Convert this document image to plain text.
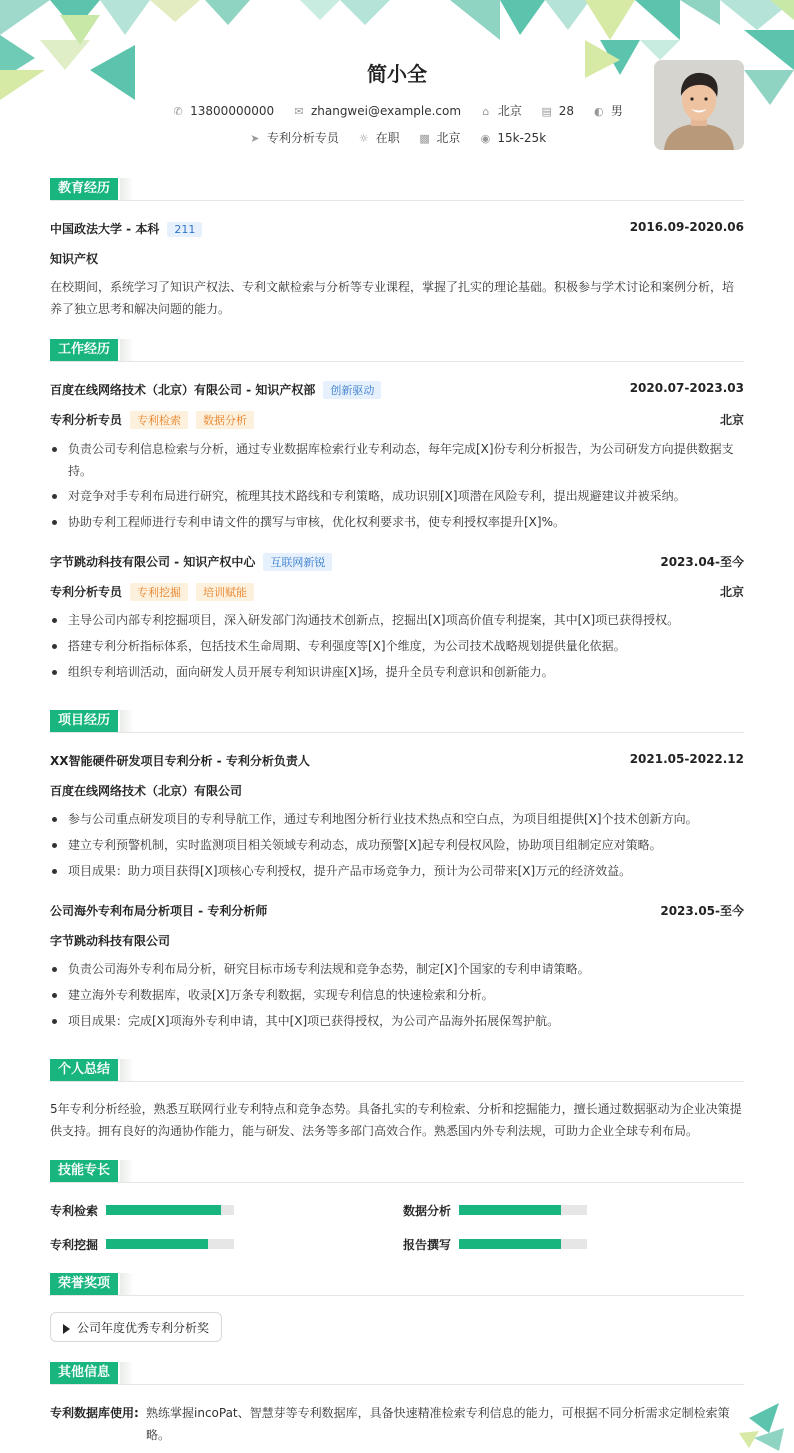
简小全
✆ 13800000000 ✉ zhangwei@example.com ⌂ 北京 ▤ 28 ◐ 男
➤ 专利分析专员 ☼ 在职 ▩ 北京 ◉ 15k-25k
教育经历
中国政法大学 - 本科 211	2016.09-2020.06
知识产权
在校期间，系统学习了知识产权法、专利文献检索与分析等专业课程，掌握了扎实的理论基础。积极参与学术讨论和案例分析，培
养了独立思考和解决问题的能力。
工作经历
百度在线网络技术（北京）有限公司 - 知识产权部 创新驱动	2020.07-2023.03
专利分析专员 专利检索 数据分析	北京
负责公司专利信息检索与分析，通过专业数据库检索行业专利动态，每年完成[X]份专利分析报告，为公司研发方向提供数据支
持。
对竞争对手专利布局进行研究，梳理其技术路线和专利策略，成功识别[X]项潜在风险专利，提出规避建议并被采纳。
协助专利工程师进行专利申请文件的撰写与审核，优化权利要求书，使专利授权率提升[X]%。
字节跳动科技有限公司 - 知识产权中心 互联网新锐	2023.04-至今
专利分析专员 专利挖掘 培训赋能	北京
主导公司内部专利挖掘项目，深入研发部门沟通技术创新点，挖掘出[X]项高价值专利提案，其中[X]项已获得授权。
搭建专利分析指标体系，包括技术生命周期、专利强度等[X]个维度，为公司技术战略规划提供量化依据。
组织专利培训活动，面向研发人员开展专利知识讲座[X]场，提升全员专利意识和创新能力。
项目经历
XX智能硬件研发项目专利分析 - 专利分析负责人	2021.05-2022.12
百度在线网络技术（北京）有限公司
参与公司重点研发项目的专利导航工作，通过专利地图分析行业技术热点和空白点，为项目组提供[X]个技术创新方向。
建立专利预警机制，实时监测项目相关领域专利动态，成功预警[X]起专利侵权风险，协助项目组制定应对策略。
项目成果：助力项目获得[X]项核心专利授权，提升产品市场竞争力，预计为公司带来[X]万元的经济效益。
公司海外专利布局分析项目 - 专利分析师	2023.05-至今
字节跳动科技有限公司
负责公司海外专利布局分析，研究目标市场专利法规和竞争态势，制定[X]个国家的专利申请策略。
建立海外专利数据库，收录[X]万条专利数据，实现专利信息的快速检索和分析。
项目成果：完成[X]项海外专利申请，其中[X]项已获得授权，为公司产品海外拓展保驾护航。
个人总结
5年专利分析经验，熟悉互联网行业专利特点和竞争态势。具备扎实的专利检索、分析和挖掘能力，擅长通过数据驱动为企业决策提
供支持。拥有良好的沟通协作能力，能与研发、法务等多部门高效合作。熟悉国内外专利法规，可助力企业全球专利布局。
技能专长
专利检索	数据分析
专利挖掘	报告撰写
荣誉奖项
公司年度优秀专利分析奖
其他信息
专利数据库使用: 熟练掌握incoPat、智慧芽等专利数据库，具备快速精准检索专利信息的能力，可根据不同分析需求定制检索策
略。
